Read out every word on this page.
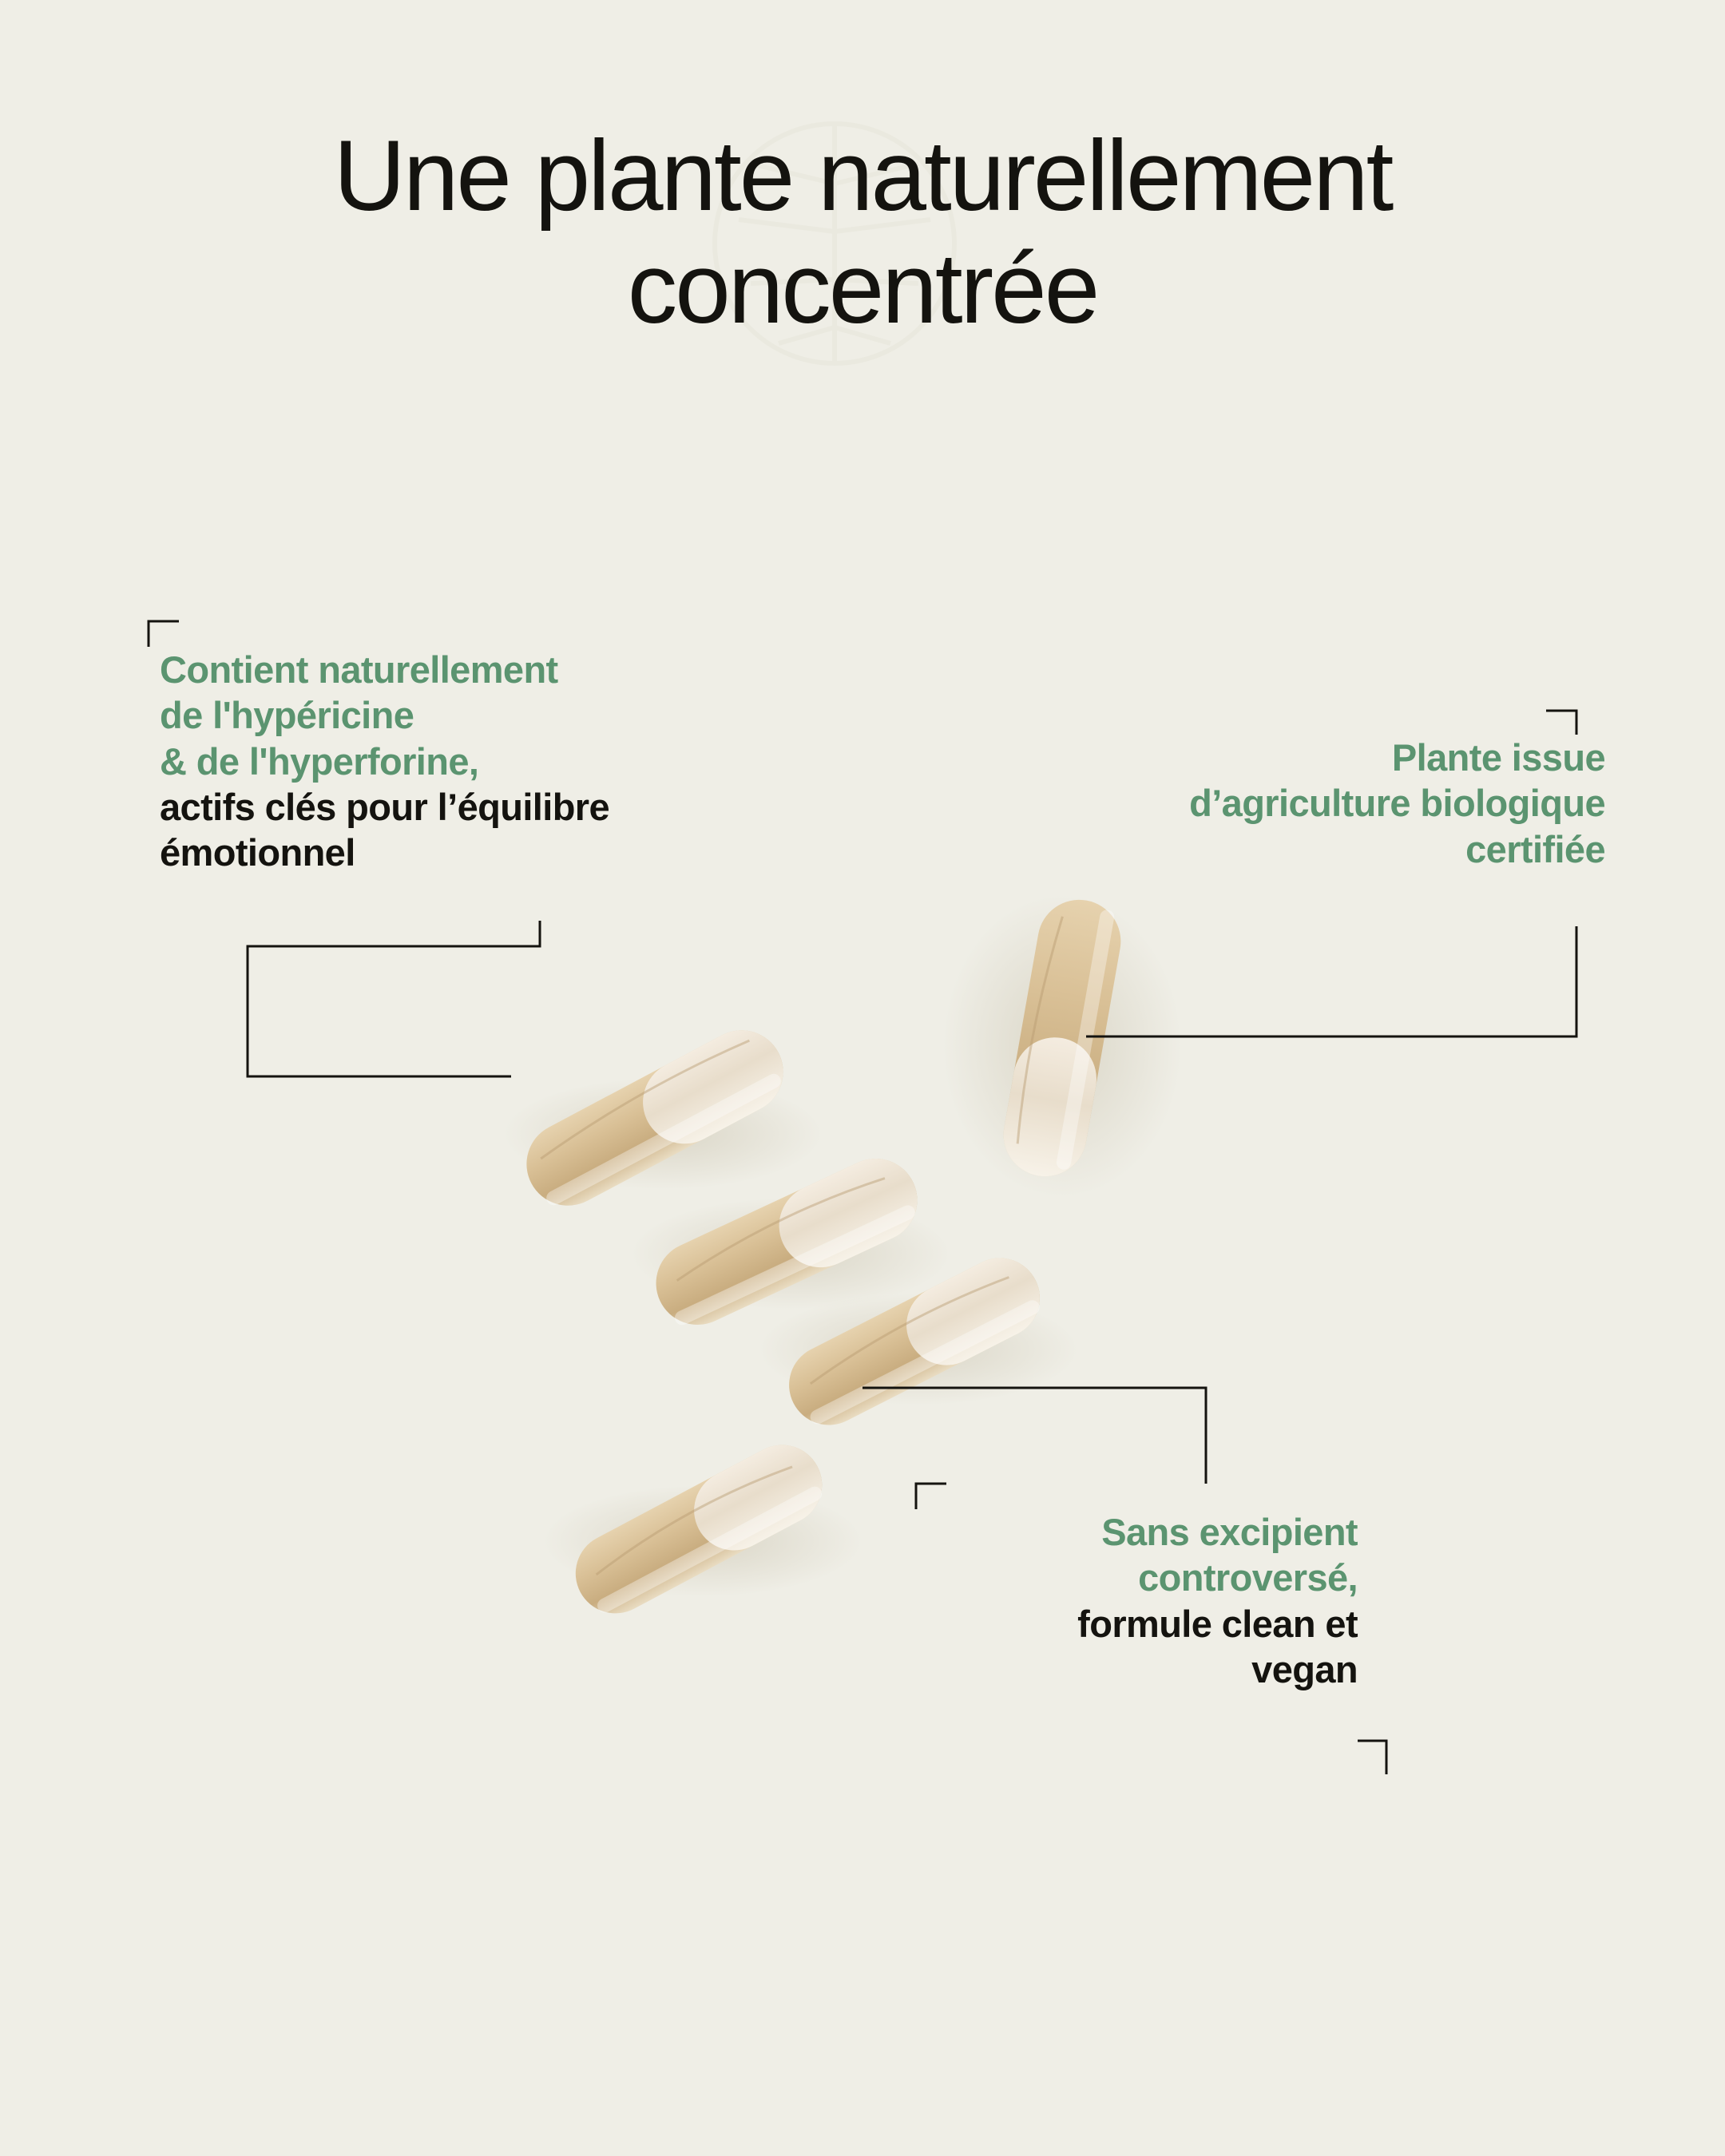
Une plante naturellement
concentrée
Contient naturellement
de l'hypéricine
& de l'hyperforine,
actifs clés pour l’équilibre
émotionnel
Plante issue
d’agriculture biologique
certifiée
Sans excipient
controversé,
formule clean et
vegan
